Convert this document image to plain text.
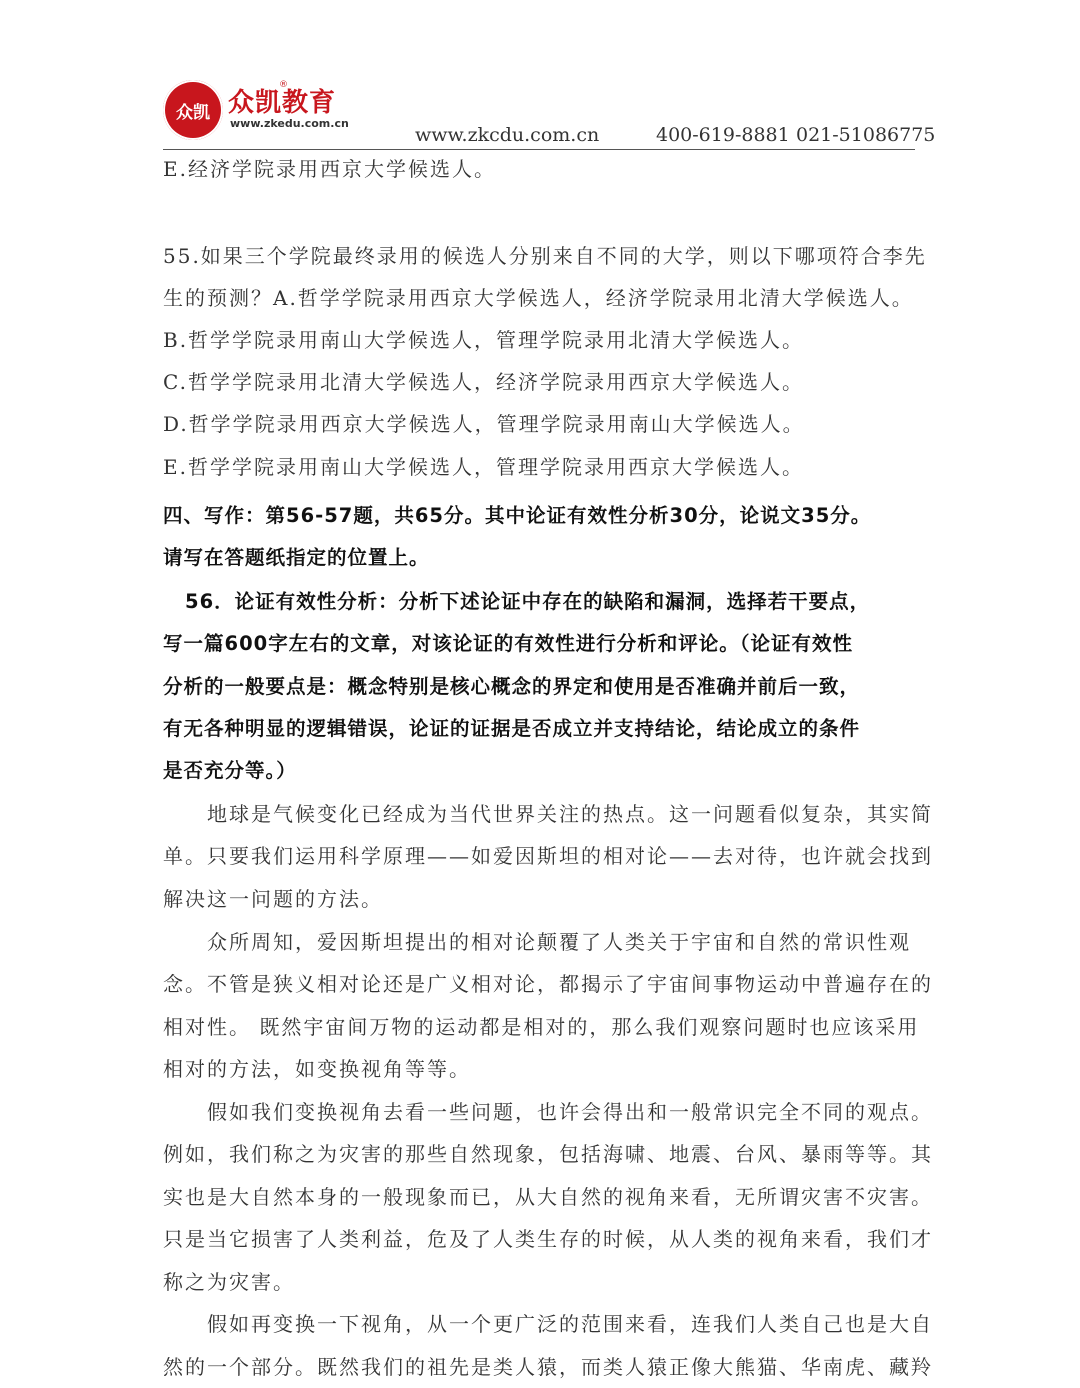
众凯 众凯教育
®
www.zkedu.com.cn
www.zkcdu.com.cn	400-619-8881 021-51086775
E.经济学院录用西京大学候选人。
55.如果三个学院最终录用的候选人分别来自不同的大学，则以下哪项符合李先
生的预测？A.哲学学院录用西京大学候选人，经济学院录用北清大学候选人。
B.哲学学院录用南山大学候选人，管理学院录用北清大学候选人。
C.哲学学院录用北清大学候选人，经济学院录用西京大学候选人。
D.哲学学院录用西京大学候选人，管理学院录用南山大学候选人。
E.哲学学院录用南山大学候选人，管理学院录用西京大学候选人。
四、写作：第56-57题，共65分。其中论证有效性分析30分，论说文35分。
请写在答题纸指定的位置上。
56．论证有效性分析：分析下述论证中存在的缺陷和漏洞，选择若干要点，
写一篇600字左右的文章，对该论证的有效性进行分析和评论。（论证有效性
分析的一般要点是：概念特别是核心概念的界定和使用是否准确并前后一致，
有无各种明显的逻辑错误，论证的证据是否成立并支持结论，结论成立的条件
是否充分等。）
地球是气候变化已经成为当代世界关注的热点。这一问题看似复杂，其实简
单。只要我们运用科学原理——如爱因斯坦的相对论——去对待，也许就会找到
解决这一问题的方法。
众所周知，爱因斯坦提出的相对论颠覆了人类关于宇宙和自然的常识性观
念。不管是狭义相对论还是广义相对论，都揭示了宇宙间事物运动中普遍存在的
相对性。 既然宇宙间万物的运动都是相对的，那么我们观察问题时也应该采用
相对的方法，如变换视角等等。
假如我们变换视角去看一些问题，也许会得出和一般常识完全不同的观点。
例如，我们称之为灾害的那些自然现象，包括海啸、地震、台风、暴雨等等。其
实也是大自然本身的一般现象而已，从大自然的视角来看，无所谓灾害不灾害。
只是当它损害了人类利益，危及了人类生存的时候，从人类的视角来看，我们才
称之为灾害。
假如再变换一下视角，从一个更广泛的范围来看，连我们人类自己也是大自
然的一个部分。既然我们的祖先是类人猿，而类人猿正像大熊猫、华南虎、藏羚
